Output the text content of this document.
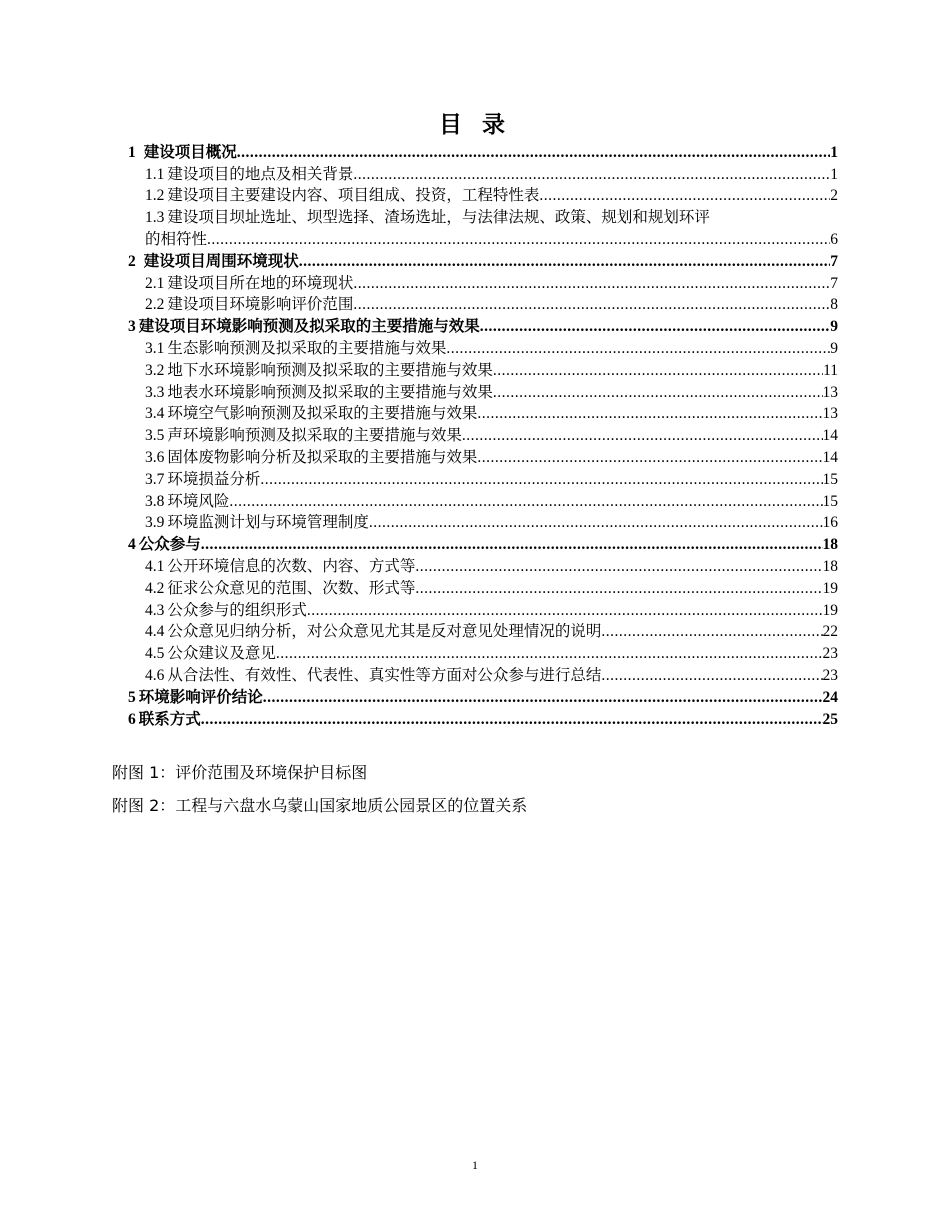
目 录
1 建设项目概况 .....	1
1.1 建设项目的地点及相关背景 .....	1
1.2 建设项目主要建设内容、项目组成、投资，工程特性表 .....	2
1.3 建设项目坝址选址、坝型选择、渣场选址，与法律法规、政策、规划和规划环评
的相符性 .....	6
2 建设项目周围环境现状 .....	7
2.1 建设项目所在地的环境现状 .....	7
2.2 建设项目环境影响评价范围 .....	8
3 建设项目环境影响预测及拟采取的主要措施与效果 .....	9
3.1 生态影响预测及拟采取的主要措施与效果 .....	9
3.2 地下水环境影响预测及拟采取的主要措施与效果 .....	11
3.3 地表水环境影响预测及拟采取的主要措施与效果 .....	13
3.4 环境空气影响预测及拟采取的主要措施与效果 .....	13
3.5 声环境影响预测及拟采取的主要措施与效果 .....	14
3.6 固体废物影响分析及拟采取的主要措施与效果 .....	14
3.7 环境损益分析 .....	15
3.8 环境风险 .....	15
3.9 环境监测计划与环境管理制度 .....	16
4 公众参与 .....	18
4.1 公开环境信息的次数、内容、方式等 .....	18
4.2 征求公众意见的范围、次数、形式等 .....	19
4.3 公众参与的组织形式 .....	19
4.4 公众意见归纳分析，对公众意见尤其是反对意见处理情况的说明 .....	22
4.5 公众建议及意见 .....	23
4.6 从合法性、有效性、代表性、真实性等方面对公众参与进行总结 .....	23
5 环境影响评价结论 .....	24
6 联系方式 .....	25
附图 1：评价范围及环境保护目标图
附图 2：工程与六盘水乌蒙山国家地质公园景区的位置关系
1
